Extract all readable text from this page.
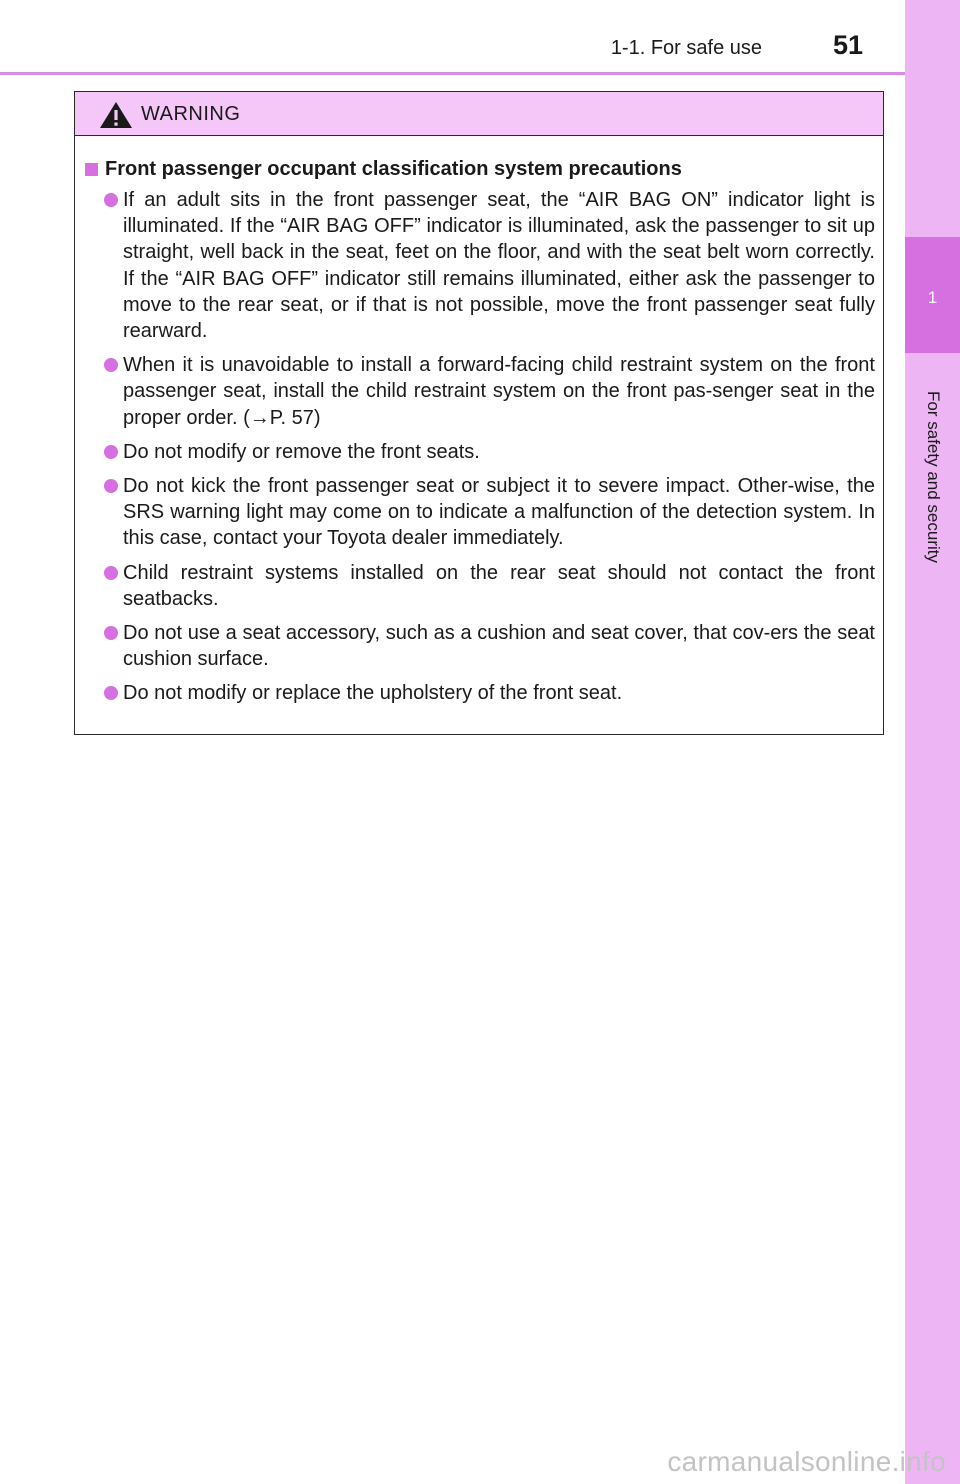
1
For safety and security
1-1. For safe use	51
WARNING
Front passenger occupant classification system precautions
If an adult sits in the front passenger seat, the “AIR BAG ON” indicator light is illuminated. If the “AIR BAG OFF” indicator is illuminated, ask the passenger to sit up straight, well back in the seat, feet on the floor, and with the seat belt worn correctly. If the “AIR BAG OFF” indicator still remains illuminated, either ask the passenger to move to the rear seat, or if that is not possible, move the front passenger seat fully rearward.
When it is unavoidable to install a forward-facing child restraint system on the front passenger seat, install the child restraint system on the front pas-senger seat in the proper order. (→P. 57)
Do not modify or remove the front seats.
Do not kick the front passenger seat or subject it to severe impact. Other-wise, the SRS warning light may come on to indicate a malfunction of the detection system. In this case, contact your Toyota dealer immediately.
Child restraint systems installed on the rear seat should not contact the front seatbacks.
Do not use a seat accessory, such as a cushion and seat cover, that cov-ers the seat cushion surface.
Do not modify or replace the upholstery of the front seat.
carmanualsonline.info
